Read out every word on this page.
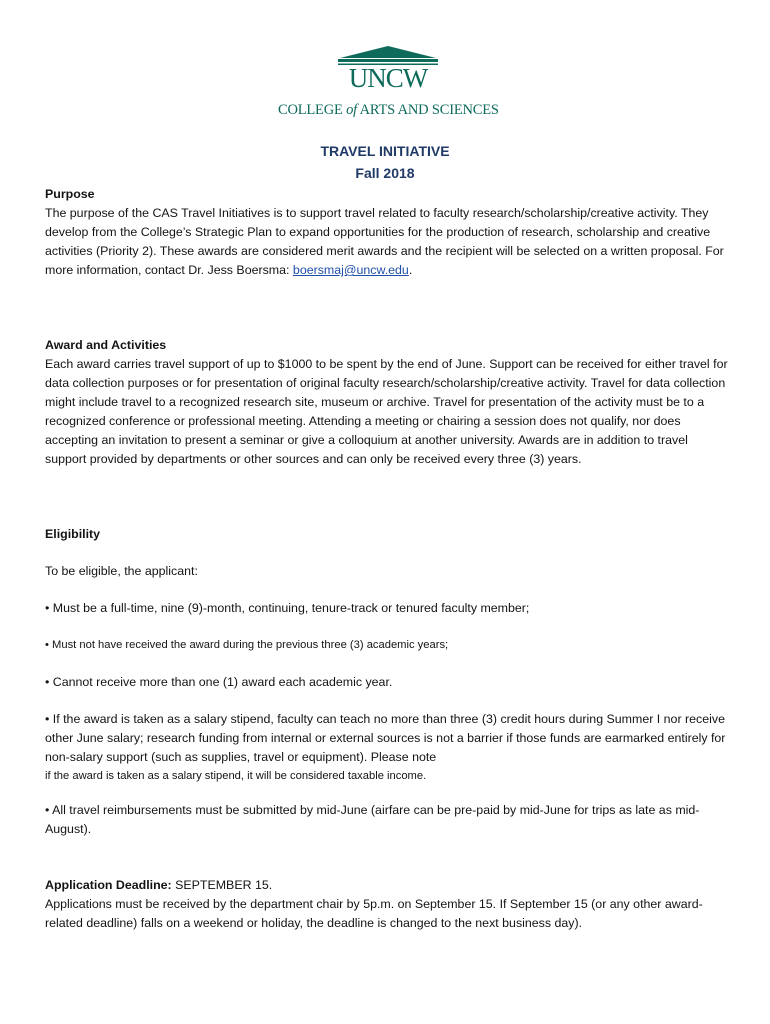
UNCW
COLLEGE of ARTS AND SCIENCES
TRAVEL INITIATIVE
Fall 2018
Purpose
The purpose of the CAS Travel Initiatives is to support travel related to faculty research/scholarship/creative activity. They develop from the College’s Strategic Plan to expand opportunities for the production of research, scholarship and creative activities (Priority 2). These awards are considered merit awards and the recipient will be selected on a written proposal. For more information, contact Dr. Jess Boersma: boersmaj@uncw.edu.
Award and Activities
Each award carries travel support of up to $1000 to be spent by the end of June. Support can be received for either travel for data collection purposes or for presentation of original faculty research/scholarship/creative activity. Travel for data collection might include travel to a recognized research site, museum or archive. Travel for presentation of the activity must be to a recognized conference or professional meeting. Attending a meeting or chairing a session does not qualify, nor does accepting an invitation to present a seminar or give a colloquium at another university. Awards are in addition to travel support provided by departments or other sources and can only be received every three (3) years.
Eligibility
To be eligible, the applicant:
• Must be a full-time, nine (9)-month, continuing, tenure-track or tenured faculty member;
• Must not have received the award during the previous three (3) academic years;
• Cannot receive more than one (1) award each academic year.
• If the award is taken as a salary stipend, faculty can teach no more than three (3) credit hours during Summer I nor receive other June salary; research funding from internal or external sources is not a barrier if those funds are earmarked entirely for non-salary support (such as supplies, travel or equipment). Please note
if the award is taken as a salary stipend, it will be considered taxable income.
• All travel reimbursements must be submitted by mid-June (airfare can be pre-paid by mid-June for trips as late as mid-August).
Application Deadline: SEPTEMBER 15.
Applications must be received by the department chair by 5p.m. on September 15. If September 15 (or any other award-related deadline) falls on a weekend or holiday, the deadline is changed to the next business day).
